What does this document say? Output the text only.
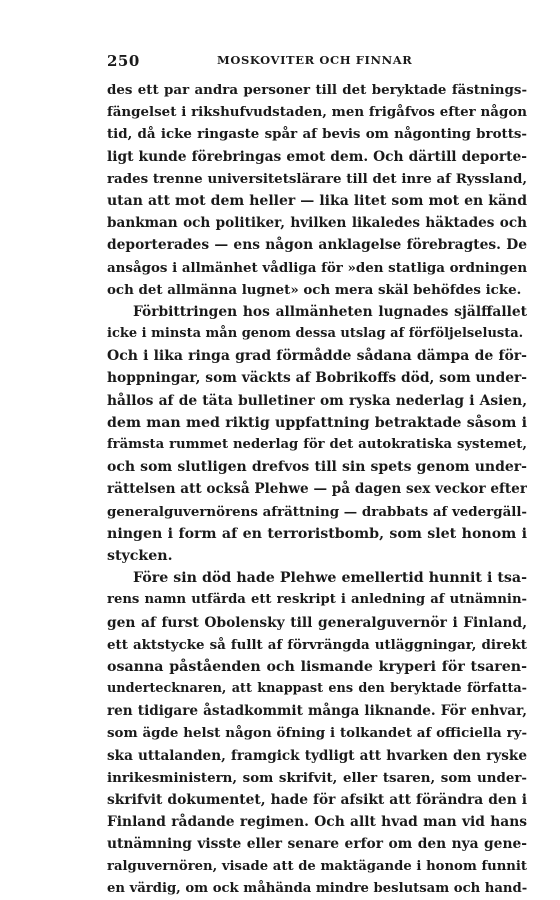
250	MOSKOVITER OCH FINNAR
des ett par andra personer till det beryktade fästnings-
fängelset i rikshufvudstaden, men frigåfvos efter någon
tid, då icke ringaste spår af bevis om någonting brotts-
ligt kunde förebringas emot dem. Och därtill deporte-
rades trenne universitetslärare till det inre af Ryssland,
utan att mot dem heller — lika litet som mot en känd
bankman och politiker, hvilken likaledes häktades och
deporterades — ens någon anklagelse förebragtes. De
ansågos i allmänhet vådliga för »den statliga ordningen
och det allmänna lugnet» och mera skäl behöfdes icke.
Förbittringen hos allmänheten lugnades själffallet
icke i minsta mån genom dessa utslag af förföljelselusta.
Och i lika ringa grad förmådde sådana dämpa de för-
hoppningar, som väckts af Bobrikoffs död, som under-
hållos af de täta bulletiner om ryska nederlag i Asien,
dem man med riktig uppfattning betraktade såsom i
främsta rummet nederlag för det autokratiska systemet,
och som slutligen drefvos till sin spets genom under-
rättelsen att också Plehwe — på dagen sex veckor efter
generalguvernörens afrättning — drabbats af vedergäll-
ningen i form af en terroristbomb, som slet honom i
stycken.
Före sin död hade Plehwe emellertid hunnit i tsa-
rens namn utfärda ett reskript i anledning af utnämnin-
gen af furst Obolensky till generalguvernör i Finland,
ett aktstycke så fullt af förvrängda utläggningar, direkt
osanna påståenden och lismande kryperi för tsaren-
undertecknaren, att knappast ens den beryktade författa-
ren tidigare åstadkommit många liknande. För enhvar,
som ägde helst någon öfning i tolkandet af officiella ry-
ska uttalanden, framgick tydligt att hvarken den ryske
inrikesministern, som skrifvit, eller tsaren, som under-
skrifvit dokumentet, hade för afsikt att förändra den i
Finland rådande regimen. Och allt hvad man vid hans
utnämning visste eller senare erfor om den nya gene-
ralguvernören, visade att de maktägande i honom funnit
en värdig, om ock måhända mindre beslutsam och hand-
